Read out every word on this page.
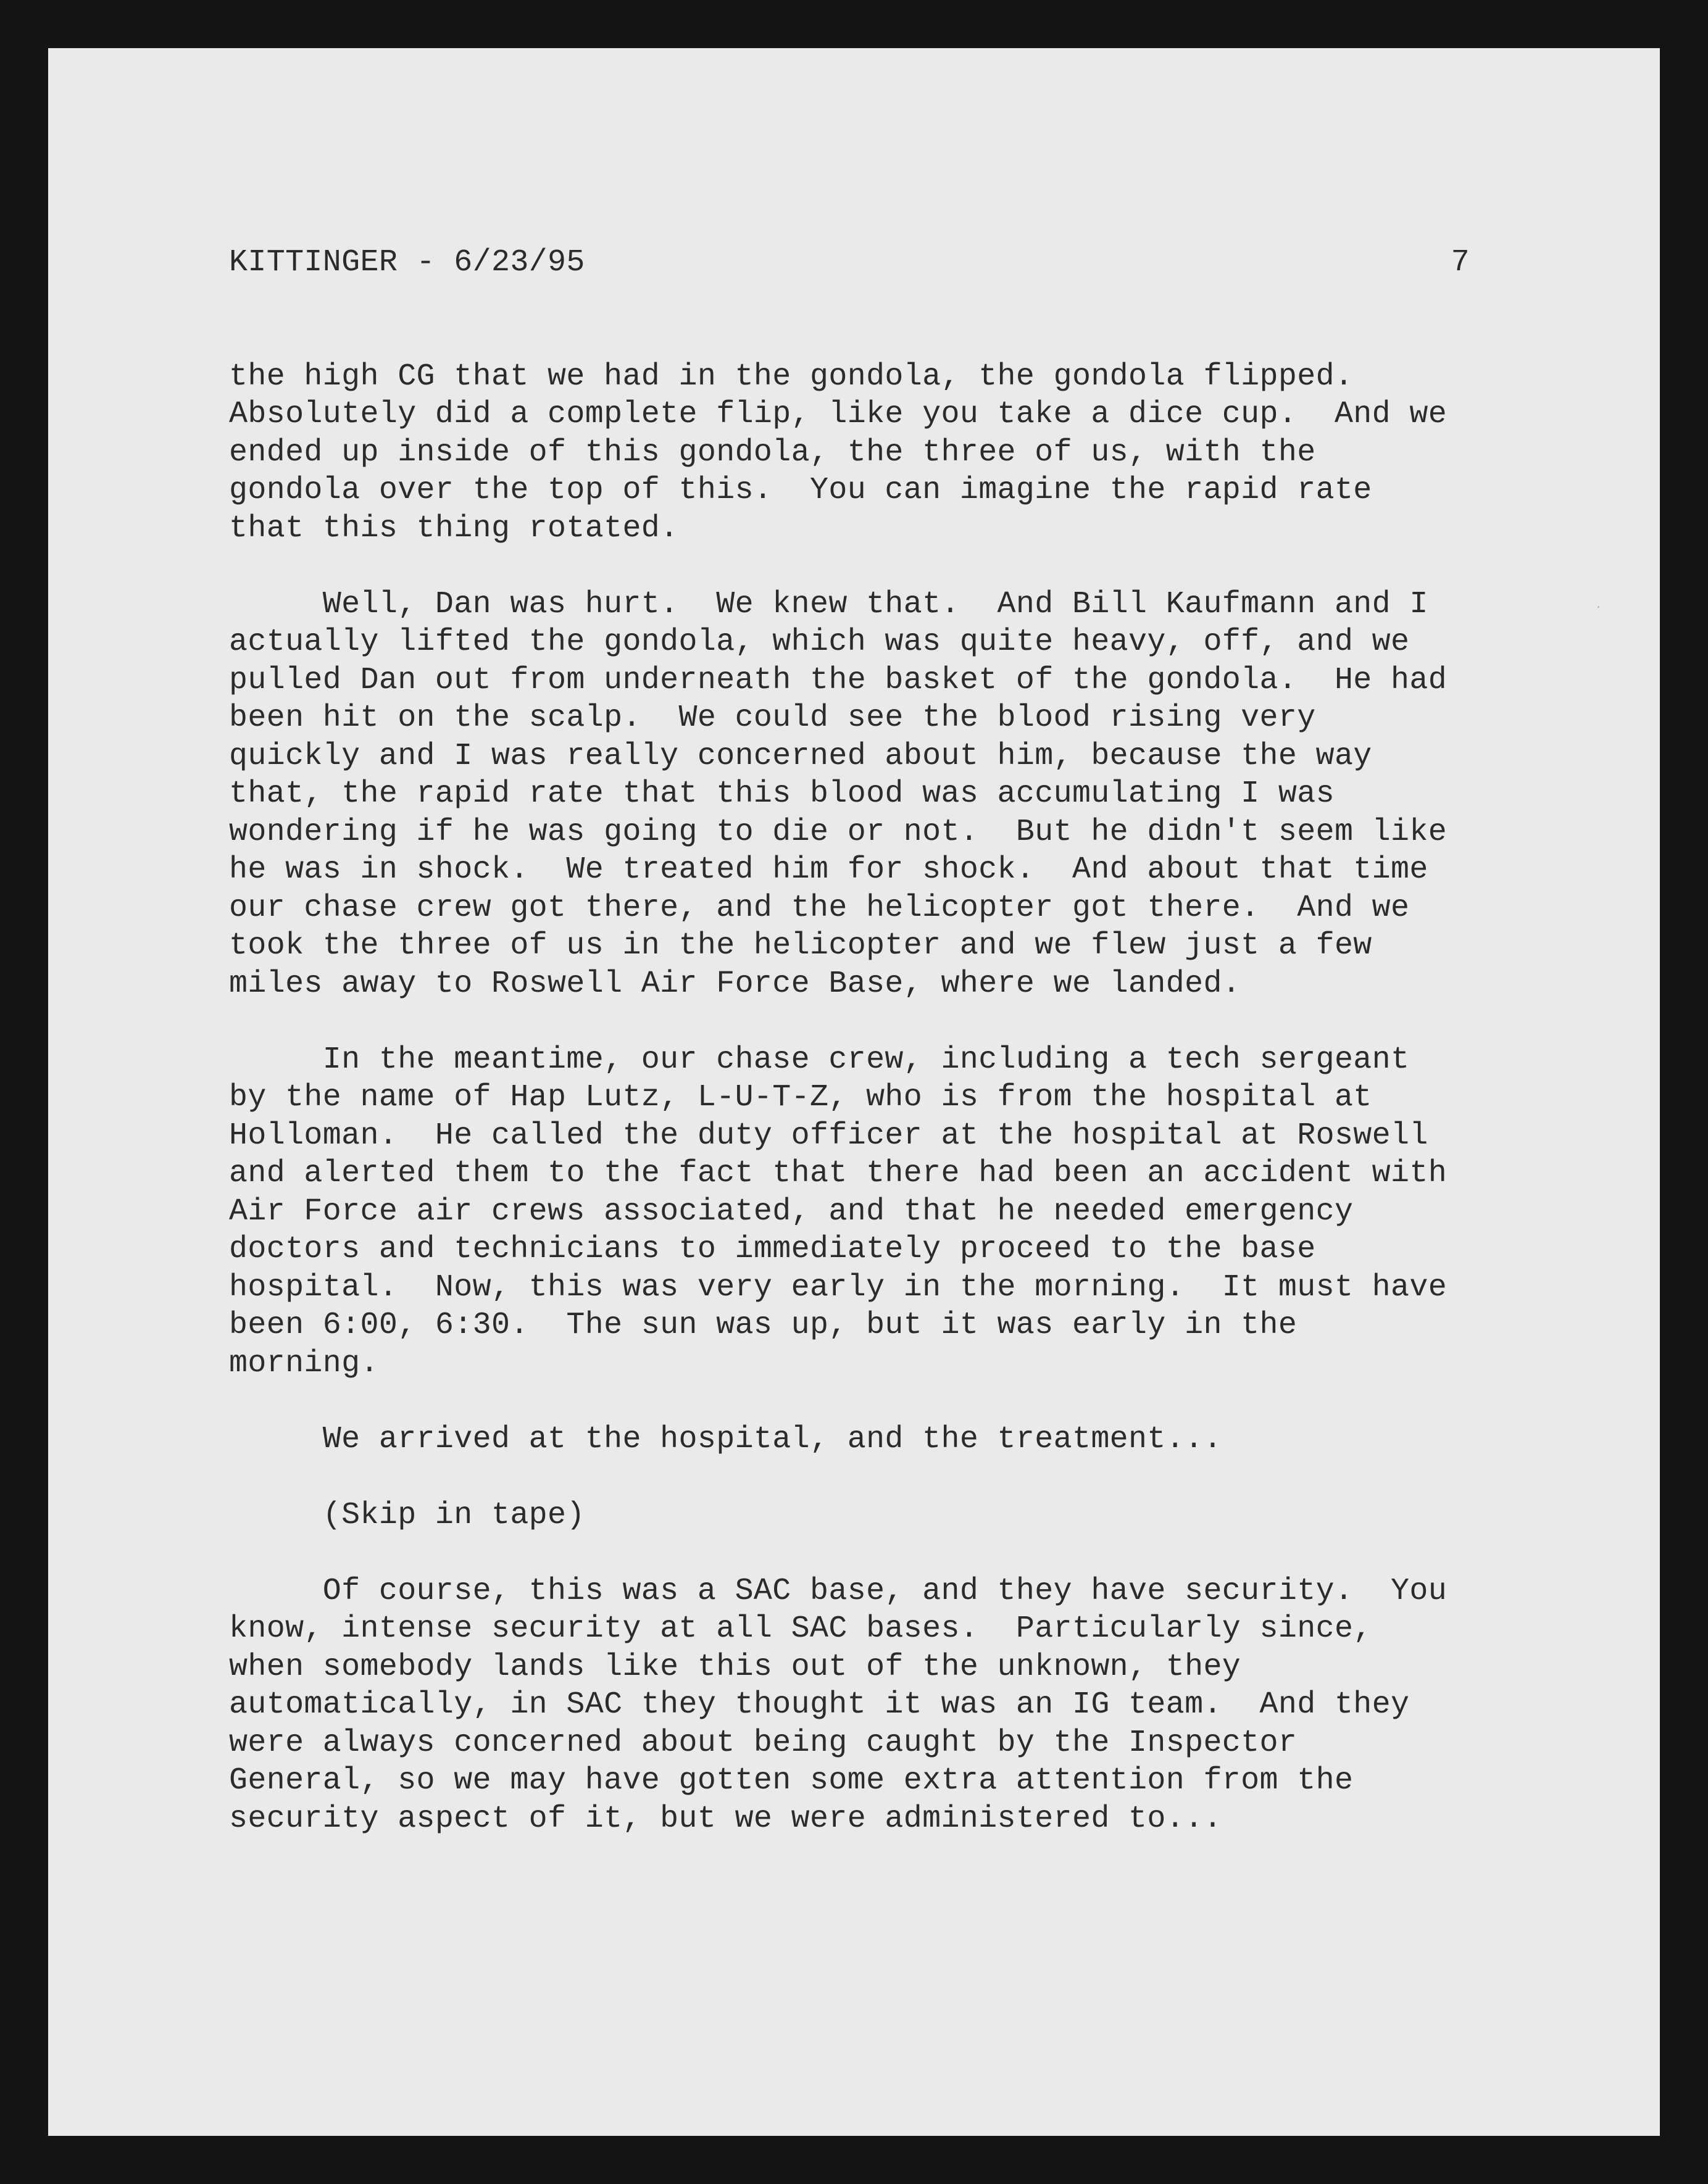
KITTINGER - 6/23/95	7
the high CG that we had in the gondola, the gondola flipped.
Absolutely did a complete flip, like you take a dice cup.  And we
ended up inside of this gondola, the three of us, with the
gondola over the top of this.  You can imagine the rapid rate
that this thing rotated.
Well, Dan was hurt.  We knew that.  And Bill Kaufmann and I
actually lifted the gondola, which was quite heavy, off, and we
pulled Dan out from underneath the basket of the gondola.  He had
been hit on the scalp.  We could see the blood rising very
quickly and I was really concerned about him, because the way
that, the rapid rate that this blood was accumulating I was
wondering if he was going to die or not.  But he didn't seem like
he was in shock.  We treated him for shock.  And about that time
our chase crew got there, and the helicopter got there.  And we
took the three of us in the helicopter and we flew just a few
miles away to Roswell Air Force Base, where we landed.
In the meantime, our chase crew, including a tech sergeant
by the name of Hap Lutz, L-U-T-Z, who is from the hospital at
Holloman.  He called the duty officer at the hospital at Roswell
and alerted them to the fact that there had been an accident with
Air Force air crews associated, and that he needed emergency
doctors and technicians to immediately proceed to the base
hospital.  Now, this was very early in the morning.  It must have
been 6:00, 6:30.  The sun was up, but it was early in the
morning.
We arrived at the hospital, and the treatment...
(Skip in tape)
Of course, this was a SAC base, and they have security.  You
know, intense security at all SAC bases.  Particularly since,
when somebody lands like this out of the unknown, they
automatically, in SAC they thought it was an IG team.  And they
were always concerned about being caught by the Inspector
General, so we may have gotten some extra attention from the
security aspect of it, but we were administered to...
